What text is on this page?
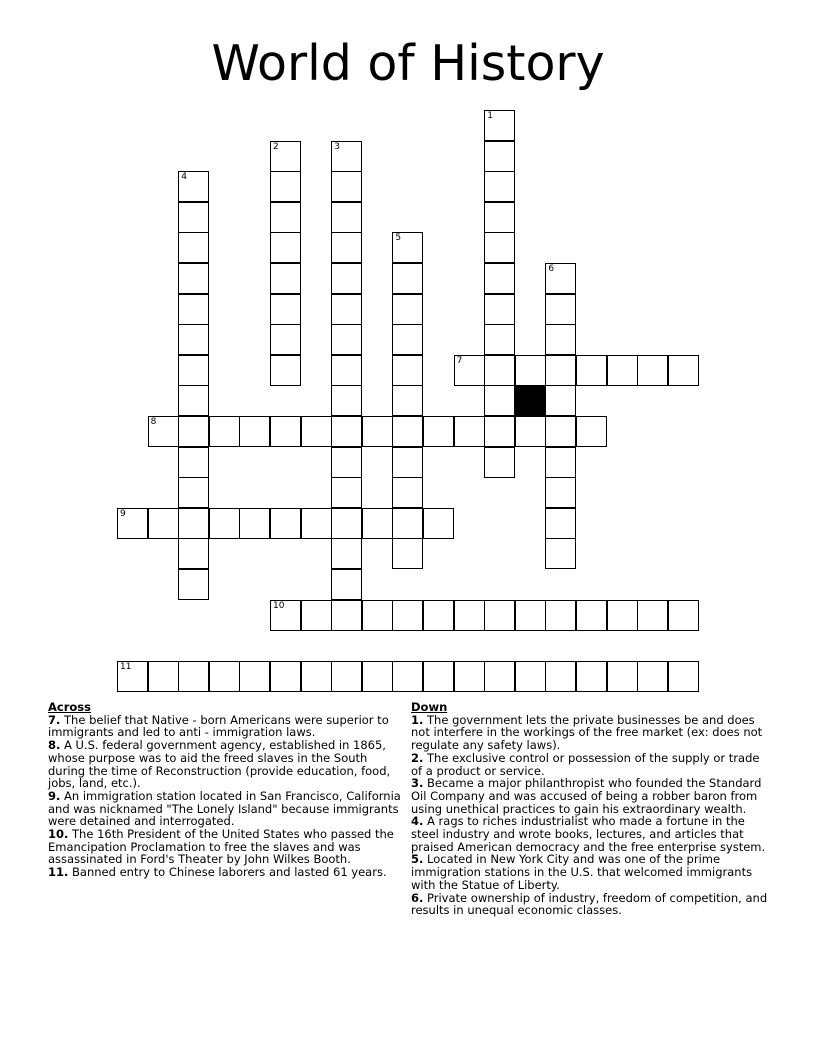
World of History
1
2	3
4
5
6
7
8
9
10
11
Across
7. The belief that Native - born Americans were superior to immigrants and led to anti - immigration laws.
8. A U.S. federal government agency, established in 1865, whose purpose was to aid the freed slaves in the South during the time of Reconstruction (provide education, food, jobs, land, etc.).
9. An immigration station located in San Francisco, California and was nicknamed "The Lonely Island" because immigrants were detained and interrogated.
10. The 16th President of the United States who passed the Emancipation Proclamation to free the slaves and was assassinated in Ford's Theater by John Wilkes Booth.
11. Banned entry to Chinese laborers and lasted 61 years.
Down
1. The government lets the private businesses be and does not interfere in the workings of the free market (ex: does not regulate any safety laws).
2. The exclusive control or possession of the supply or trade of a product or service.
3. Became a major philanthropist who founded the Standard Oil Company and was accused of being a robber baron from using unethical practices to gain his extraordinary wealth.
4. A rags to riches industrialist who made a fortune in the steel industry and wrote books, lectures, and articles that praised American democracy and the free enterprise system.
5. Located in New York City and was one of the prime immigration stations in the U.S. that welcomed immigrants with the Statue of Liberty.
6. Private ownership of industry, freedom of competition, and results in unequal economic classes.
